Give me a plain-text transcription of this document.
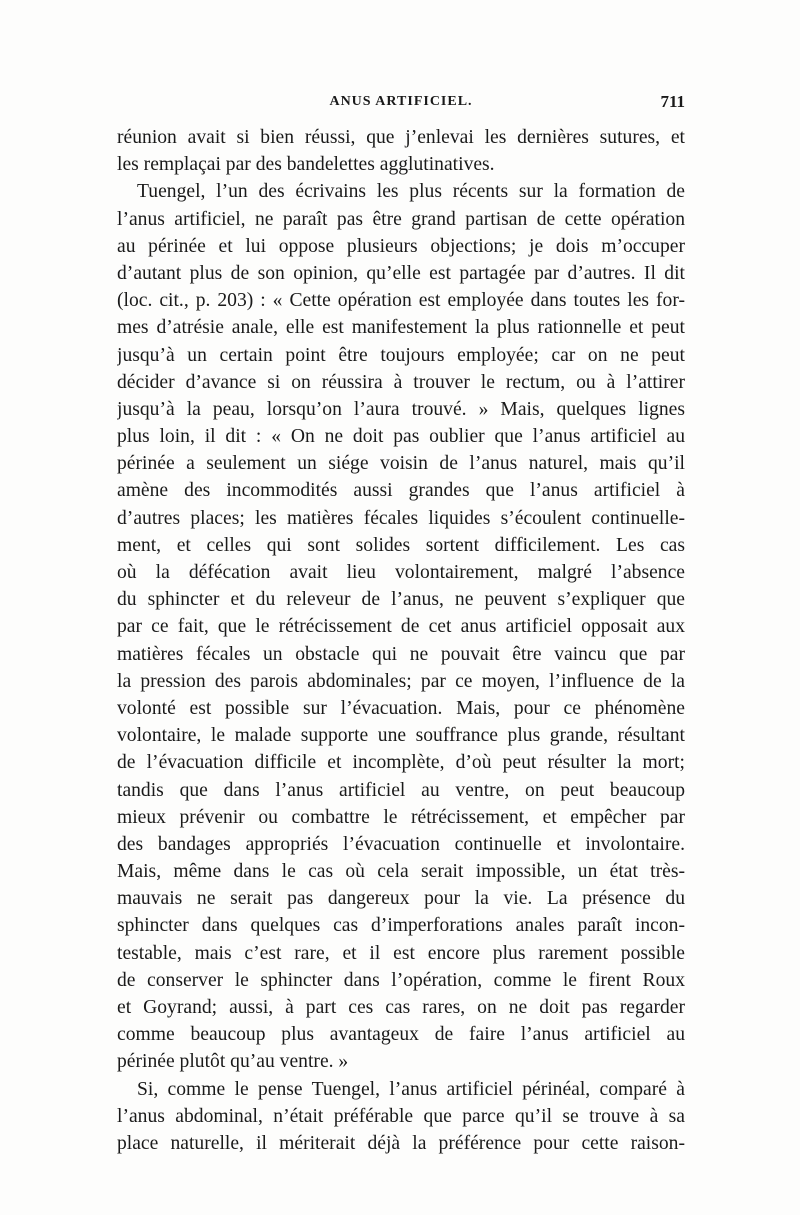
ANUS ARTIFICIEL.	711
réunion avait si bien réussi, que j’enlevai les dernières sutures, et
les remplaçai par des bandelettes agglutinatives.
Tuengel, l’un des écrivains les plus récents sur la formation de
l’anus artificiel, ne paraît pas être grand partisan de cette opération
au périnée et lui oppose plusieurs objections; je dois m’occuper
d’autant plus de son opinion, qu’elle est partagée par d’autres. Il dit
(loc. cit., p. 203) : « Cette opération est employée dans toutes les for-
mes d’atrésie anale, elle est manifestement la plus rationnelle et peut
jusqu’à un certain point être toujours employée; car on ne peut
décider d’avance si on réussira à trouver le rectum, ou à l’attirer
jusqu’à la peau, lorsqu’on l’aura trouvé. » Mais, quelques lignes
plus loin, il dit : « On ne doit pas oublier que l’anus artificiel au
périnée a seulement un siége voisin de l’anus naturel, mais qu’il
amène des incommodités aussi grandes que l’anus artificiel à
d’autres places; les matières fécales liquides s’écoulent continuelle-
ment, et celles qui sont solides sortent difficilement. Les cas
où la défécation avait lieu volontairement, malgré l’absence
du sphincter et du releveur de l’anus, ne peuvent s’expliquer que
par ce fait, que le rétrécissement de cet anus artificiel opposait aux
matières fécales un obstacle qui ne pouvait être vaincu que par
la pression des parois abdominales; par ce moyen, l’influence de la
volonté est possible sur l’évacuation. Mais, pour ce phénomène
volontaire, le malade supporte une souffrance plus grande, résultant
de l’évacuation difficile et incomplète, d’où peut résulter la mort;
tandis que dans l’anus artificiel au ventre, on peut beaucoup
mieux prévenir ou combattre le rétrécissement, et empêcher par
des bandages appropriés l’évacuation continuelle et involontaire.
Mais, même dans le cas où cela serait impossible, un état très-
mauvais ne serait pas dangereux pour la vie. La présence du
sphincter dans quelques cas d’imperforations anales paraît incon-
testable, mais c’est rare, et il est encore plus rarement possible
de conserver le sphincter dans l’opération, comme le firent Roux
et Goyrand; aussi, à part ces cas rares, on ne doit pas regarder
comme beaucoup plus avantageux de faire l’anus artificiel au
périnée plutôt qu’au ventre. »
Si, comme le pense Tuengel, l’anus artificiel périnéal, comparé à
l’anus abdominal, n’était préférable que parce qu’il se trouve à sa
place naturelle, il mériterait déjà la préférence pour cette raison-
